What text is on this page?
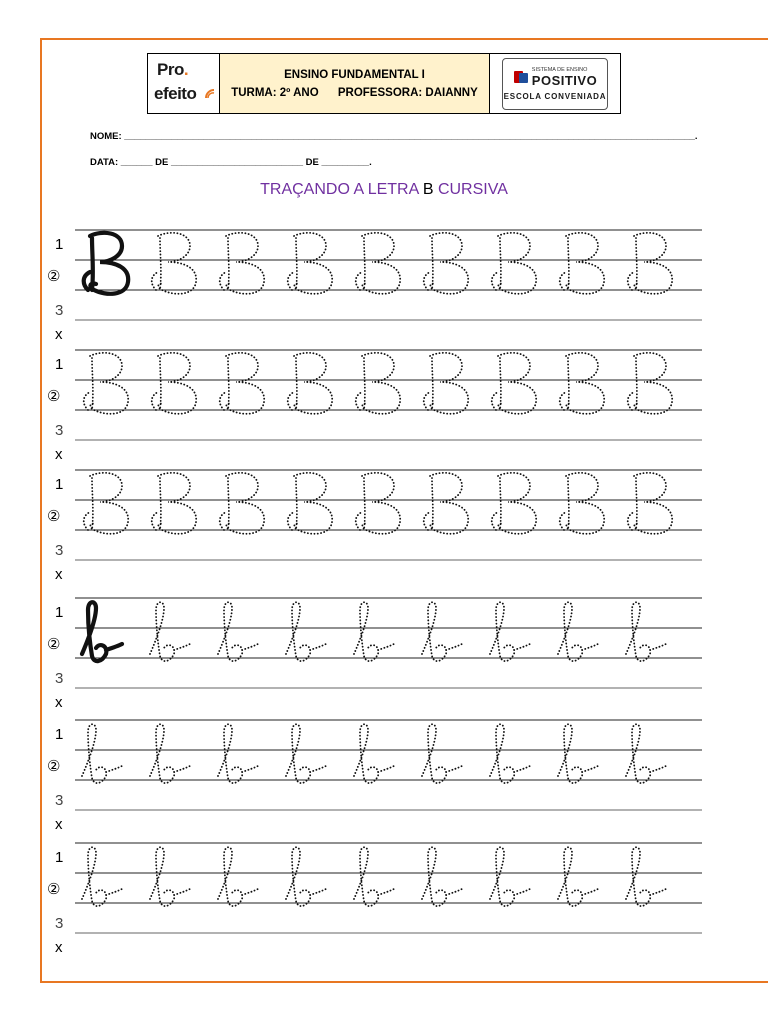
Pro.
efeito
ENSINO FUNDAMENTAL I
TURMA: 2º ANO PROFESSORA: DAIANNY
SISTEMA DE ENSINO
POSITIVO
ESCOLA CONVENIADA
NOME: ____________________________________________________________________________________________________________.
DATA: ______ DE _________________________ DE _________.
TRAÇANDO A LETRA B CURSIVA
1
②
3
x
1
②
3
x
1
②
3
x
1
②
3
x
1
②
3
x
1
②
3
x
